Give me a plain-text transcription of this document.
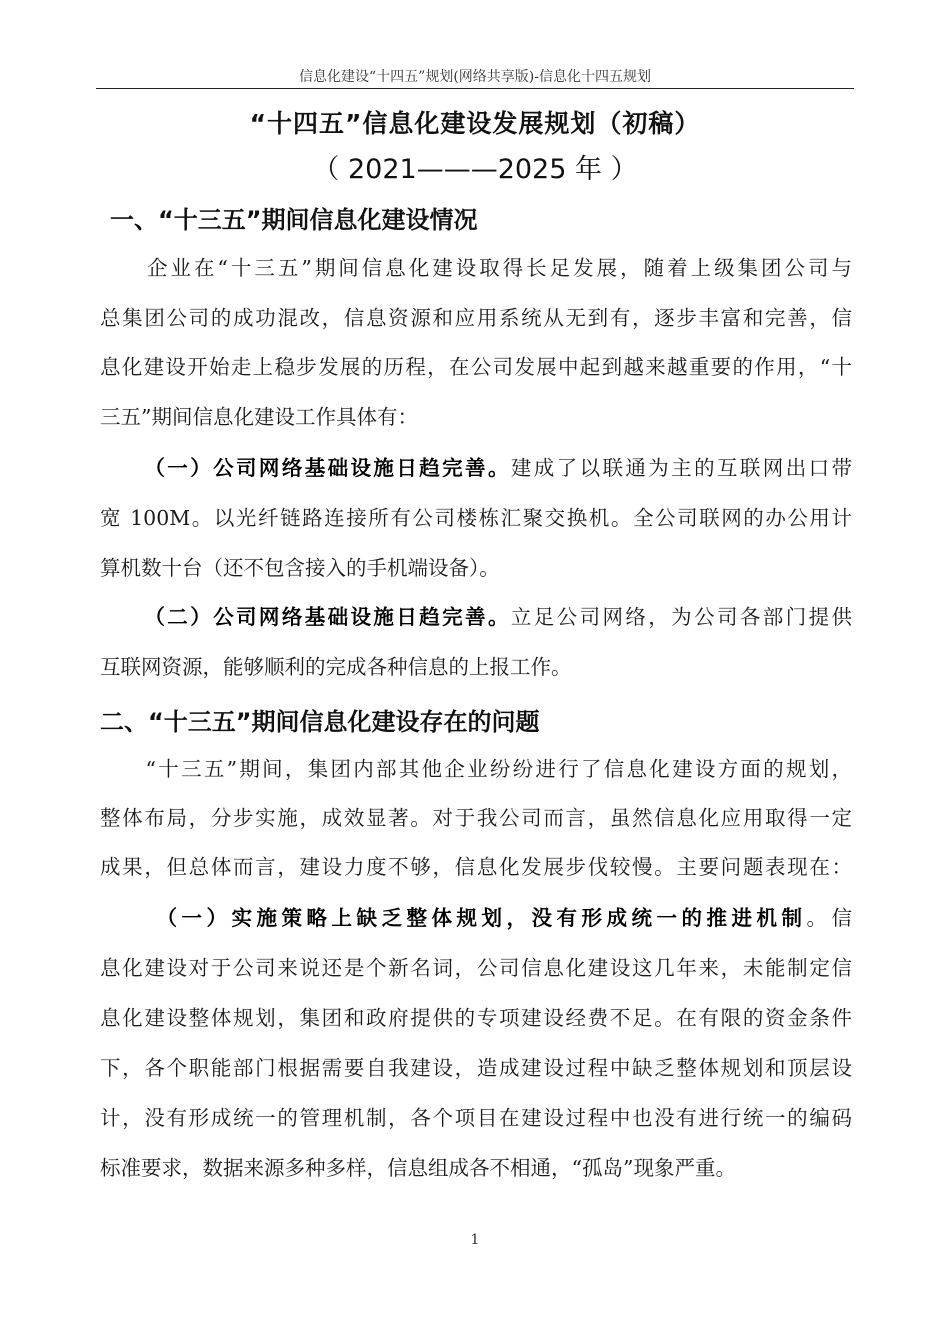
信息化建设“十四五”规划(网络共享版)-信息化十四五规划
“十四五”信息化建设发展规划（初稿）
（ 2021———2025 年 ）
一、“十三五”期间信息化建设情况
　　企业在“十三五”期间信息化建设取得长足发展，随着上级集团公司与
总集团公司的成功混改，信息资源和应用系统从无到有，逐步丰富和完善，信
息化建设开始走上稳步发展的历程，在公司发展中起到越来越重要的作用，“十
三五”期间信息化建设工作具体有：
（一）公司网络基础设施日趋完善。建成了以联通为主的互联网出口带
宽 100M。以光纤链路连接所有公司楼栋汇聚交换机。全公司联网的办公用计
算机数十台（还不包含接入的手机端设备）。
（二）公司网络基础设施日趋完善。立足公司网络，为公司各部门提供
互联网资源，能够顺利的完成各种信息的上报工作。
二、“十三五”期间信息化建设存在的问题
　　“十三五”期间，集团内部其他企业纷纷进行了信息化建设方面的规划，
整体布局，分步实施，成效显著。对于我公司而言，虽然信息化应用取得一定
成果，但总体而言，建设力度不够，信息化发展步伐较慢。主要问题表现在：
（一）实施策略上缺乏整体规划，没有形成统一的推进机制。信
息化建设对于公司来说还是个新名词，公司信息化建设这几年来，未能制定信
息化建设整体规划，集团和政府提供的专项建设经费不足。在有限的资金条件
下，各个职能部门根据需要自我建设，造成建设过程中缺乏整体规划和顶层设
计，没有形成统一的管理机制，各个项目在建设过程中也没有进行统一的编码
标准要求，数据来源多种多样，信息组成各不相通，“孤岛”现象严重。
1
